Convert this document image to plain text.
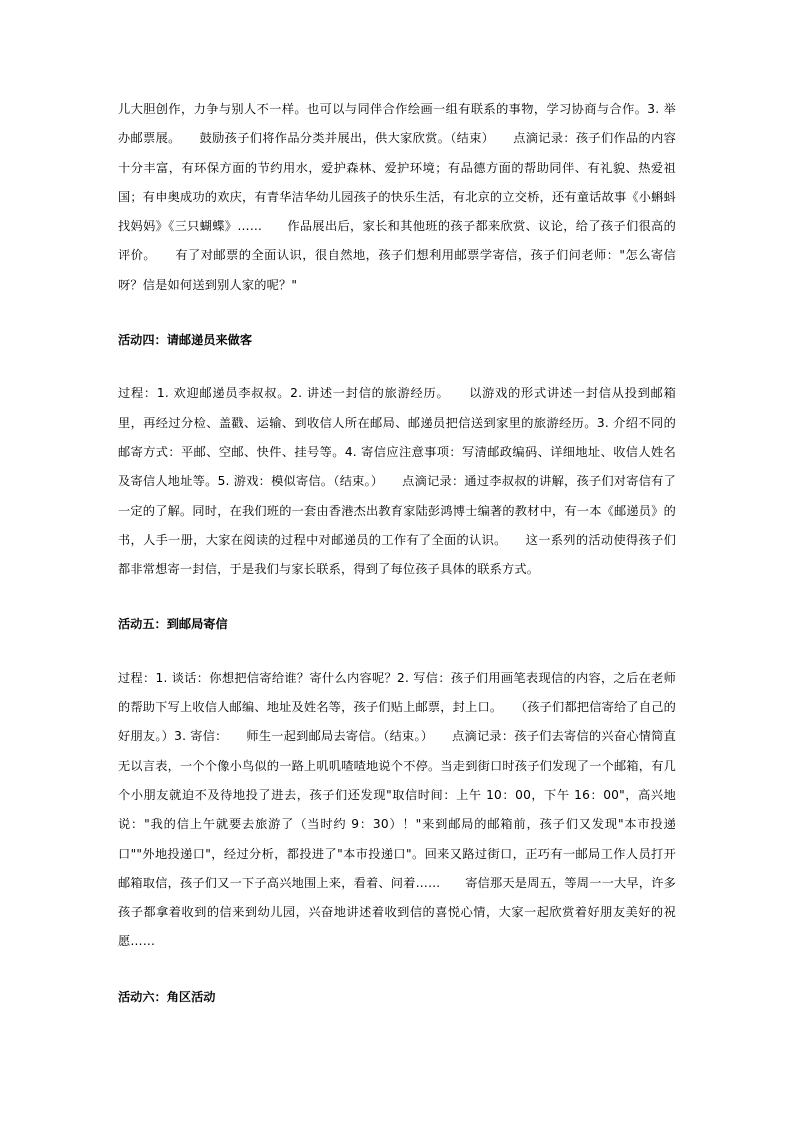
儿大胆创作，力争与别人不一样。也可以与同伴合作绘画一组有联系的事物，学习协商与合作。3. 举办邮票展。　　鼓励孩子们将作品分类并展出，供大家欣赏。（结束）　　点滴记录：孩子们作品的内容十分丰富，有环保方面的节约用水，爱护森林、爱护环境；有品德方面的帮助同伴、有礼貌、热爱祖国；有申奥成功的欢庆，有青华洁华幼儿园孩子的快乐生活，有北京的立交桥，还有童话故事《小蝌蚪找妈妈》《三只蝴蝶》……　　作品展出后，家长和其他班的孩子都来欣赏、议论，给了孩子们很高的评价。　　有了对邮票的全面认识，很自然地，孩子们想利用邮票学寄信，孩子们问老师："怎么寄信呀？信是如何送到别人家的呢？"

活动四：请邮递员来做客

过程：1. 欢迎邮递员李叔叔。2. 讲述一封信的旅游经历。　　以游戏的形式讲述一封信从投到邮箱里，再经过分检、盖戳、运输、到收信人所在邮局、邮递员把信送到家里的旅游经历。3. 介绍不同的邮寄方式：平邮、空邮、快件、挂号等。4. 寄信应注意事项：写清邮政编码、详细地址、收信人姓名及寄信人地址等。5. 游戏：模似寄信。（结束。）　　点滴记录：通过李叔叔的讲解，孩子们对寄信有了一定的了解。同时，在我们班的一套由香港杰出教育家陆彭鸿博士编著的教材中，有一本《邮递员》的书，人手一册，大家在阅读的过程中对邮递员的工作有了全面的认识。　　这一系列的活动使得孩子们都非常想寄一封信，于是我们与家长联系，得到了每位孩子具体的联系方式。

活动五：到邮局寄信

过程：1. 谈话：你想把信寄给谁？寄什么内容呢？2. 写信：孩子们用画笔表现信的内容，之后在老师的帮助下写上收信人邮编、地址及姓名等，孩子们贴上邮票，封上口。　　（孩子们都把信寄给了自己的好朋友。）3. 寄信：　　师生一起到邮局去寄信。（结束。）　　点滴记录：孩子们去寄信的兴奋心情简直无以言表，一个个像小鸟似的一路上叽叽喳喳地说个不停。当走到街口时孩子们发现了一个邮箱，有几个小朋友就迫不及待地投了进去，孩子们还发现"取信时间：上午 10：00，下午 16：00"，高兴地说："我的信上午就要去旅游了（当时约 9：30）！"来到邮局的邮箱前，孩子们又发现"本市投递口""外地投递口"，经过分析，都投进了"本市投递口"。回来又路过街口，正巧有一邮局工作人员打开邮箱取信，孩子们又一下子高兴地围上来，看着、问着……　　寄信那天是周五，等周一一大早，许多孩子都拿着收到的信来到幼儿园，兴奋地讲述着收到信的喜悦心情，大家一起欣赏着好朋友美好的祝愿……

活动六：角区活动
